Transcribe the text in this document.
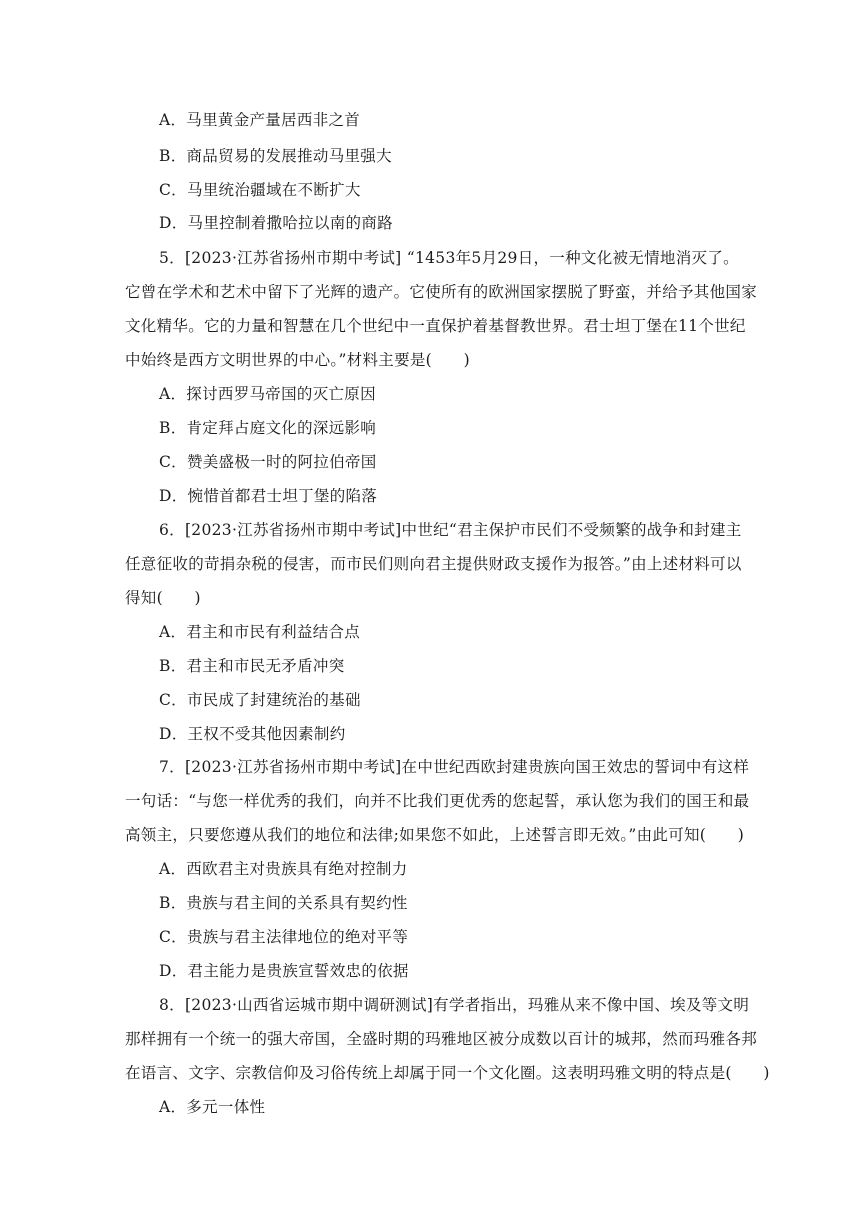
A．马里黄金产量居西非之首
B．商品贸易的发展推动马里强大
C．马里统治疆域在不断扩大
D．马里控制着撒哈拉以南的商路
5．[2023·江苏省扬州市期中考试] “1453年5月29日，一种文化被无情地消灭了。
它曾在学术和艺术中留下了光辉的遗产。它使所有的欧洲国家摆脱了野蛮，并给予其他国家
文化精华。它的力量和智慧在几个世纪中一直保护着基督教世界。君士坦丁堡在11个世纪
中始终是西方文明世界的中心。”材料主要是(　　)
A．探讨西罗马帝国的灭亡原因
B．肯定拜占庭文化的深远影响
C．赞美盛极一时的阿拉伯帝国
D．惋惜首都君士坦丁堡的陷落
6．[2023·江苏省扬州市期中考试]中世纪“君主保护市民们不受频繁的战争和封建主
任意征收的苛捐杂税的侵害，而市民们则向君主提供财政支援作为报答。”由上述材料可以
得知(　　)
A．君主和市民有利益结合点
B．君主和市民无矛盾冲突
C．市民成了封建统治的基础
D．王权不受其他因素制约
7．[2023·江苏省扬州市期中考试]在中世纪西欧封建贵族向国王效忠的誓词中有这样
一句话：“与您一样优秀的我们，向并不比我们更优秀的您起誓，承认您为我们的国王和最
高领主，只要您遵从我们的地位和法律;如果您不如此，上述誓言即无效。”由此可知(　　)
A．西欧君主对贵族具有绝对控制力
B．贵族与君主间的关系具有契约性
C．贵族与君主法律地位的绝对平等
D．君主能力是贵族宣誓效忠的依据
8．[2023·山西省运城市期中调研测试]有学者指出，玛雅从来不像中国、埃及等文明
那样拥有一个统一的强大帝国，全盛时期的玛雅地区被分成数以百计的城邦，然而玛雅各邦
在语言、文字、宗教信仰及习俗传统上却属于同一个文化圈。这表明玛雅文明的特点是(　　)
A．多元一体性
